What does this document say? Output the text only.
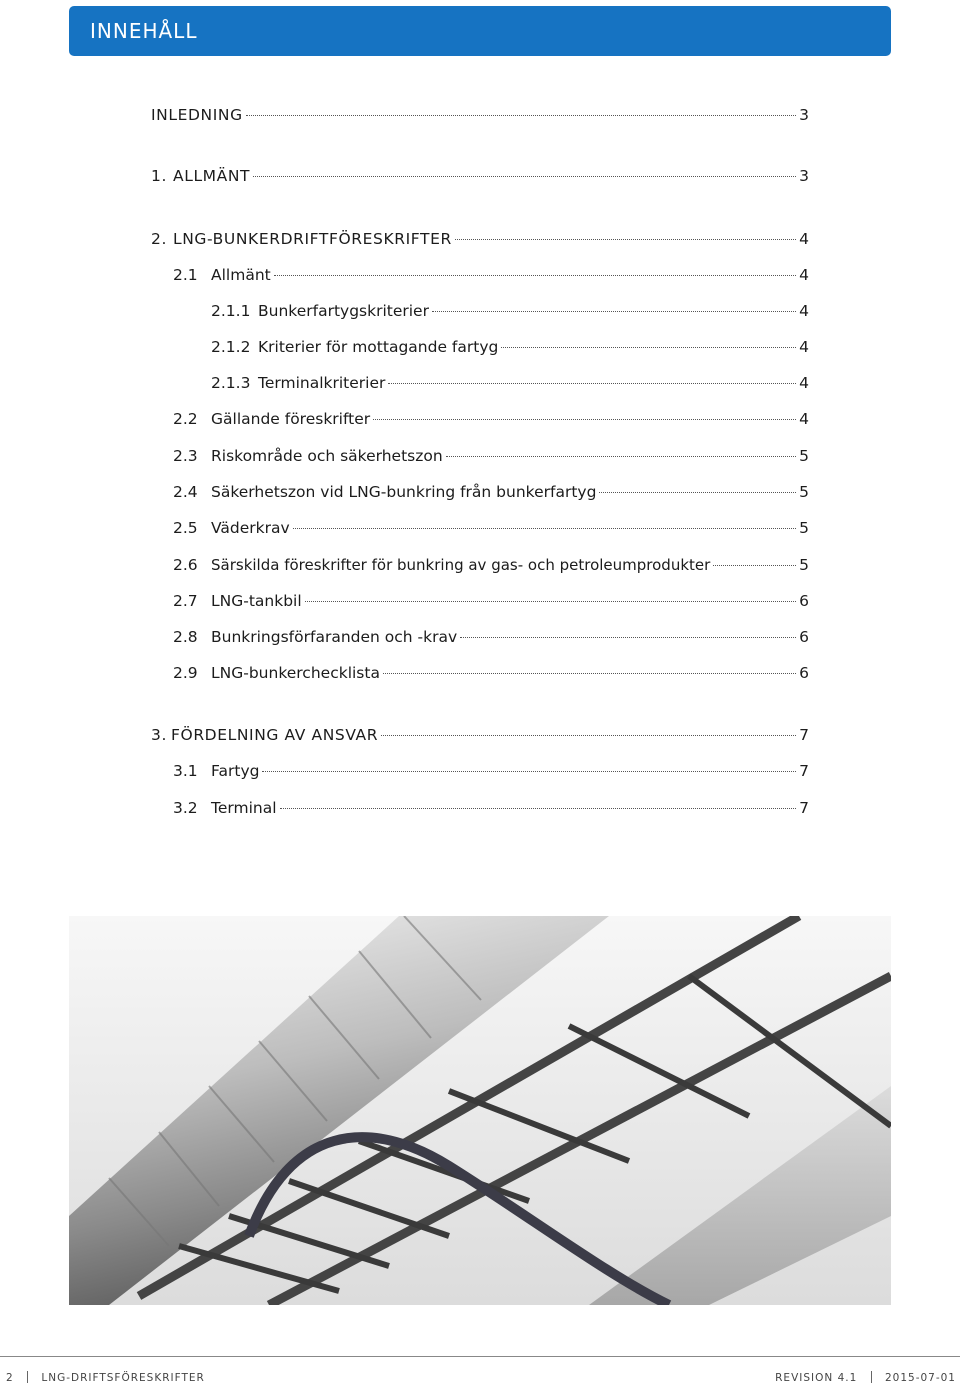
INNEHÅLL
INLEDNING	3
1. ALLMÄNT	3
2. LNG-BUNKERDRIFTFÖRESKRIFTER	4
2.1 Allmänt	4
2.1.1 Bunkerfartygskriterier	4
2.1.2 Kriterier för mottagande fartyg	4
2.1.3 Terminalkriterier	4
2.2 Gällande föreskrifter	4
2.3 Riskområde och säkerhetszon	5
2.4 Säkerhetszon vid LNG-bunkring från bunkerfartyg	5
2.5 Väderkrav	5
2.6 Särskilda föreskrifter för bunkring av gas- och petroleumprodukter	5
2.7 LNG-tankbil	6
2.8 Bunkringsförfaranden och -krav	6
2.9 LNG-bunkerchecklista	6
3. FÖRDELNING AV ANSVAR	7
3.1 Fartyg	7
3.2 Terminal	7
2	LNG-DRIFTSFÖRESKRIFTER	REVISION 4.1	2015-07-01
